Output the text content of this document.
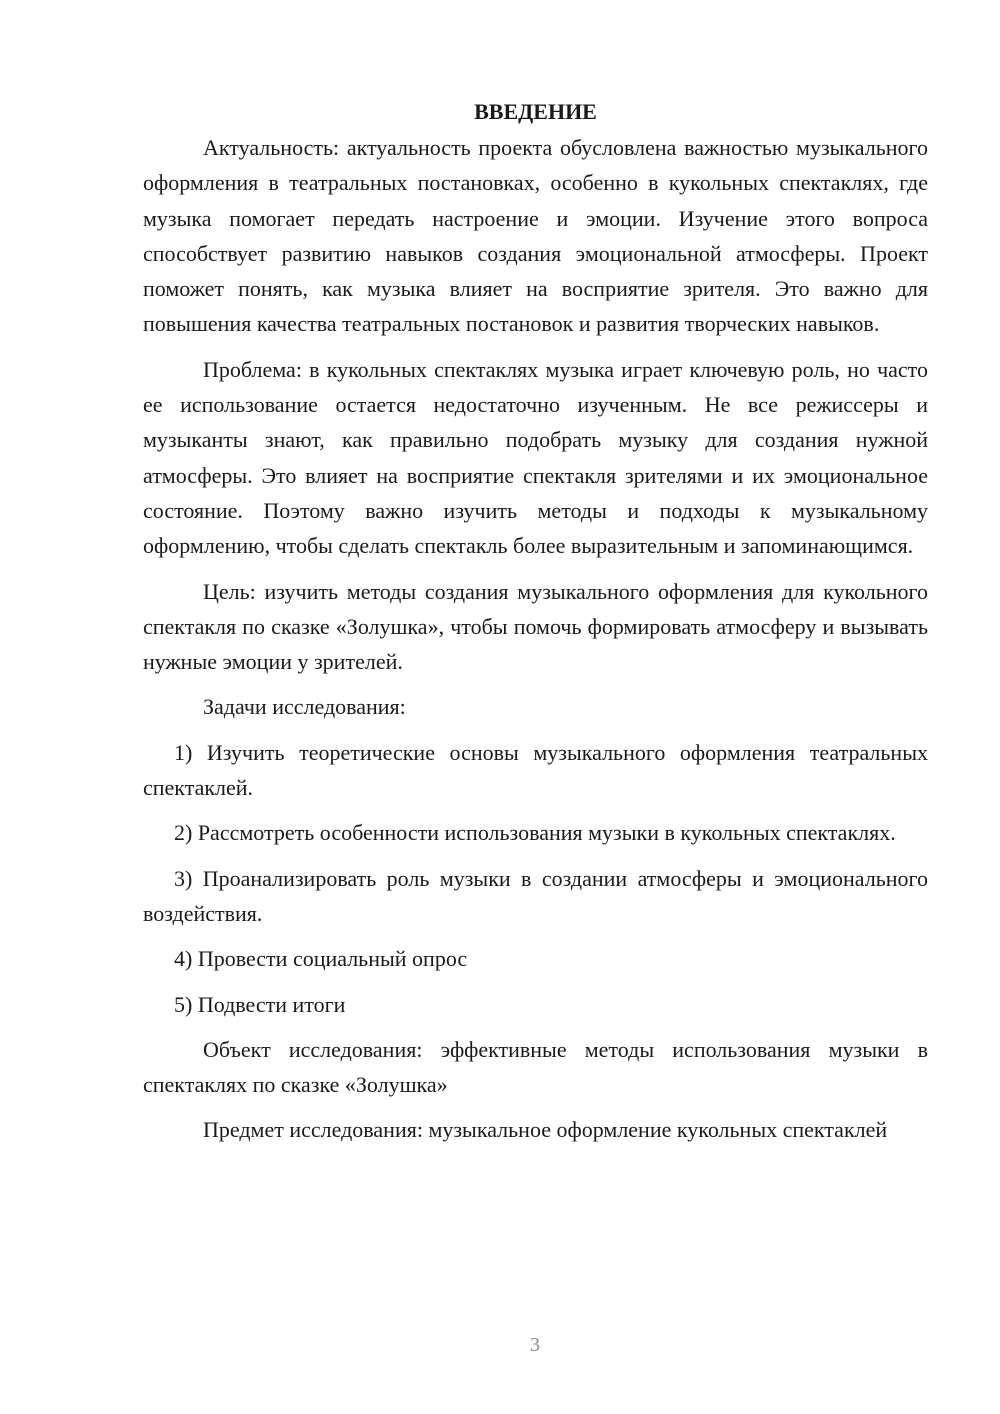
ВВЕДЕНИЕ

Актуальность: актуальность проекта обусловлена важностью музыкального оформления в театральных постановках, особенно в кукольных спектаклях, где музыка помогает передать настроение и эмоции. Изучение этого вопроса способствует развитию навыков создания эмоциональной атмосферы. Проект поможет понять, как музыка влияет на восприятие зрителя. Это важно для повышения качества театральных постановок и развития творческих навыков.

Проблема: в кукольных спектаклях музыка играет ключевую роль, но часто ее использование остается недостаточно изученным. Не все режиссеры и музыканты знают, как правильно подобрать музыку для создания нужной атмосферы. Это влияет на восприятие спектакля зрителями и их эмоциональное состояние. Поэтому важно изучить методы и подходы к музыкальному оформлению, чтобы сделать спектакль более выразительным и запоминающимся.

Цель: изучить методы создания музыкального оформления для кукольного спектакля по сказке «Золушка», чтобы помочь формировать атмосферу и вызывать нужные эмоции у зрителей.

Задачи исследования:

1) Изучить теоретические основы музыкального оформления театральных спектаклей.

2) Рассмотреть особенности использования музыки в кукольных спектаклях.

3) Проанализировать роль музыки в создании атмосферы и эмоционального воздействия.

4) Провести социальный опрос

5) Подвести итоги

Объект исследования: эффективные методы использования музыки в спектаклях по сказке «Золушка»

Предмет исследования: музыкальное оформление кукольных спектаклей

3
